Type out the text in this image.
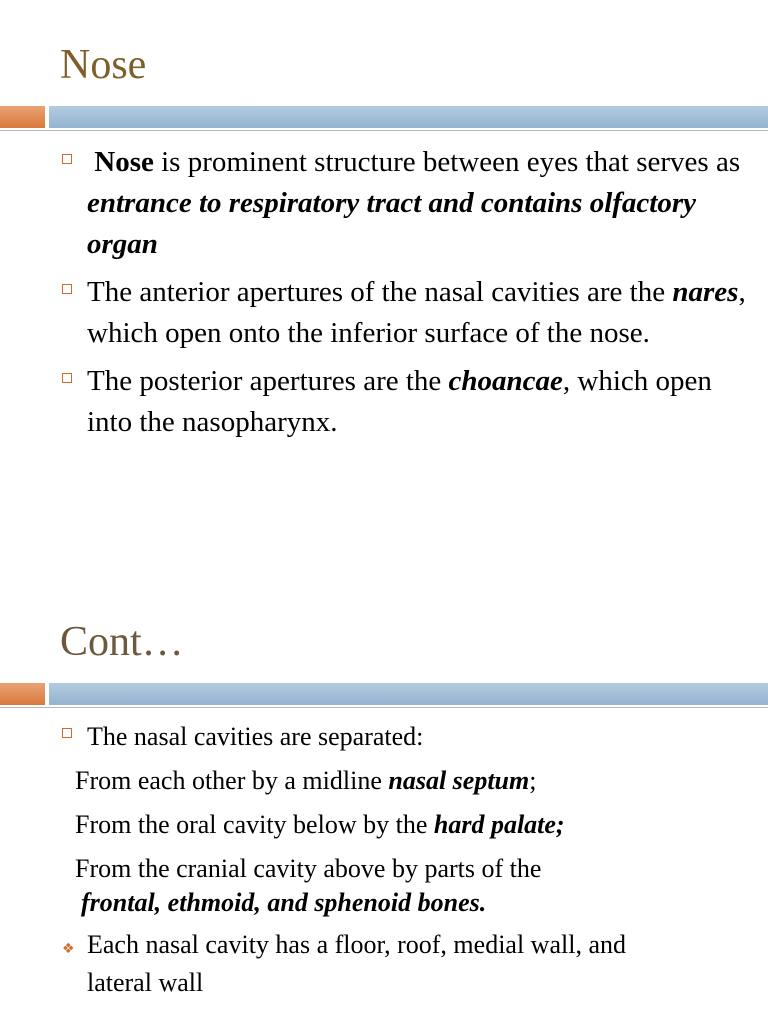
Nose
Nose is prominent structure between eyes that serves as entrance to respiratory tract and contains olfactory organ
The anterior apertures of the nasal cavities are the nares, which open onto the inferior surface of the nose.
The posterior apertures are the choancae, which open into the nasopharynx.
Cont…
The nasal cavities are separated:
From each other by a midline nasal septum;
From the oral cavity below by the hard palate;
From the cranial cavity above by parts of the
frontal, ethmoid, and sphenoid bones.
❖ Each nasal cavity has a floor, roof, medial wall, and
lateral wall
